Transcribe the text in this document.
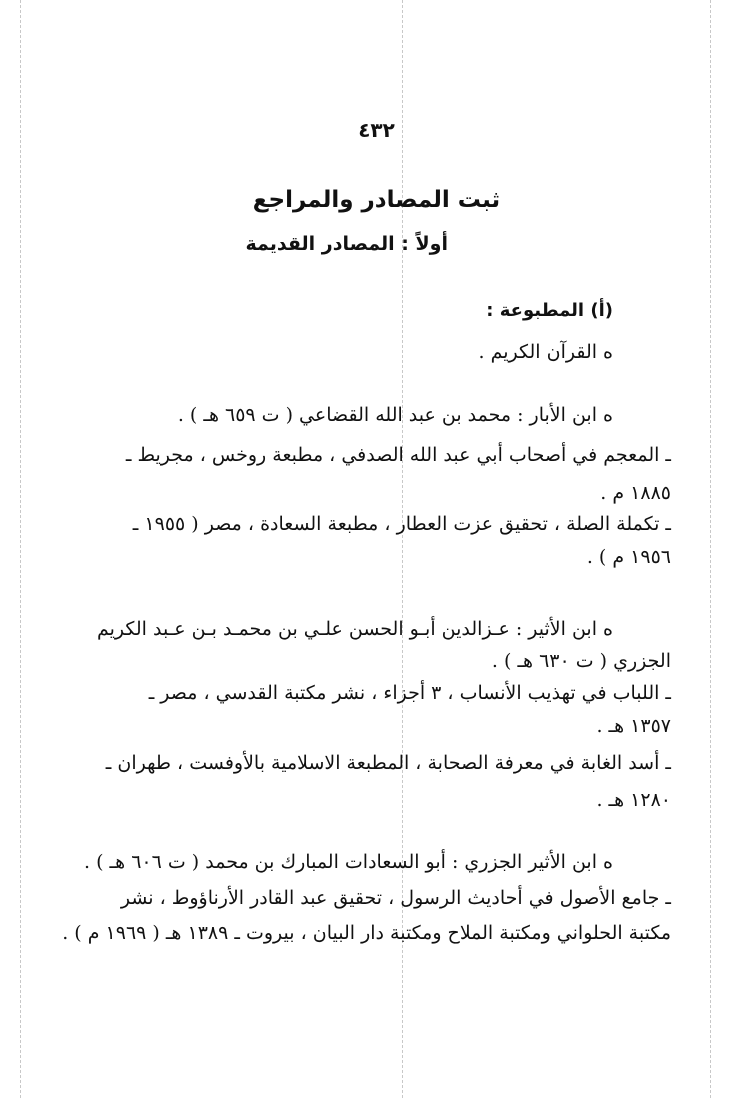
٤٣٢
ثبت المصادر والمراجع
أولاً : المصادر القديمة
(أ) المطبوعة :
ه القرآن الكريم .
ه ابن الأبار : محمد بن عبد الله القضاعي ( ت ٦٥٩ هـ ) .
ـ المعجم في أصحاب أبي عبد الله الصدفي ، مطبعة روخس ، مجريط ـ
١٨٨٥ م .
ـ تكملة الصلة ، تحقيق عزت العطار ، مطبعة السعادة ، مصر ( ١٩٥٥ ـ
١٩٥٦ م ) .
ه ابن الأثير : عـزالدين أبـو الحسن علـي بن محمـد بـن عـبد الكريم
الجزري ( ت ٦٣٠ هـ ) .
ـ اللباب في تهذيب الأنساب ، ٣ أجزاء ، نشر مكتبة القدسي ، مصر ـ
١٣٥٧ هـ .
ـ أسد الغابة في معرفة الصحابة ، المطبعة الاسلامية بالأوفست ، طهران ـ
١٢٨٠ هـ .
ه ابن الأثير الجزري : أبو السعادات المبارك بن محمد ( ت ٦٠٦ هـ ) .
ـ جامع الأصول في أحاديث الرسول ، تحقيق عبد القادر الأرناؤوط ، نشر
مكتبة الحلواني ومكتبة الملاح ومكتبة دار البيان ، بيروت ـ ١٣٨٩ هـ ( ١٩٦٩ م ) .
